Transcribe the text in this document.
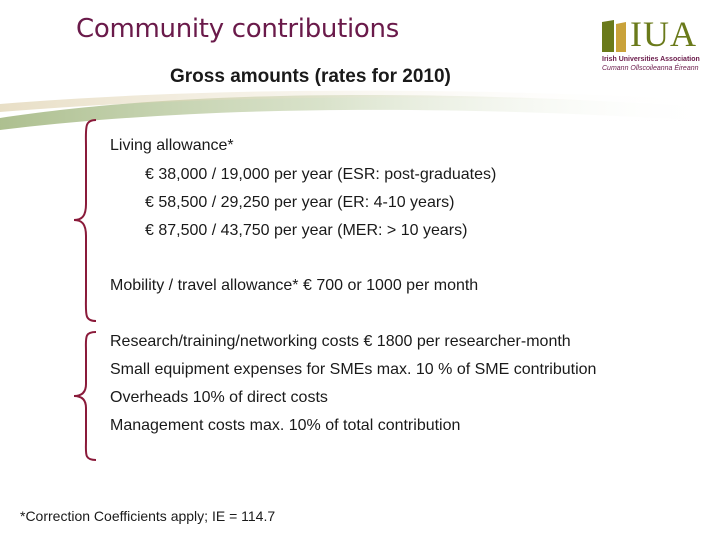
Community contributions
Gross amounts (rates for 2010)
IUA
Irish Universities Association
Cumann Ollscoileanna Éireann

Living allowance*

€ 38,000 / 19,000 per year (ESR: post-graduates)

€ 58,500 / 29,250 per year (ER: 4-10 years)

€ 87,500 / 43,750 per year (MER: > 10 years)

Mobility / travel allowance* € 700 or 1000 per month

Research/training/networking costs € 1800 per researcher-month

Small equipment expenses for SMEs max. 10 % of SME contribution

Overheads 10% of direct costs

Management costs max. 10% of total contribution

*Correction Coefficients apply; IE = 114.7
